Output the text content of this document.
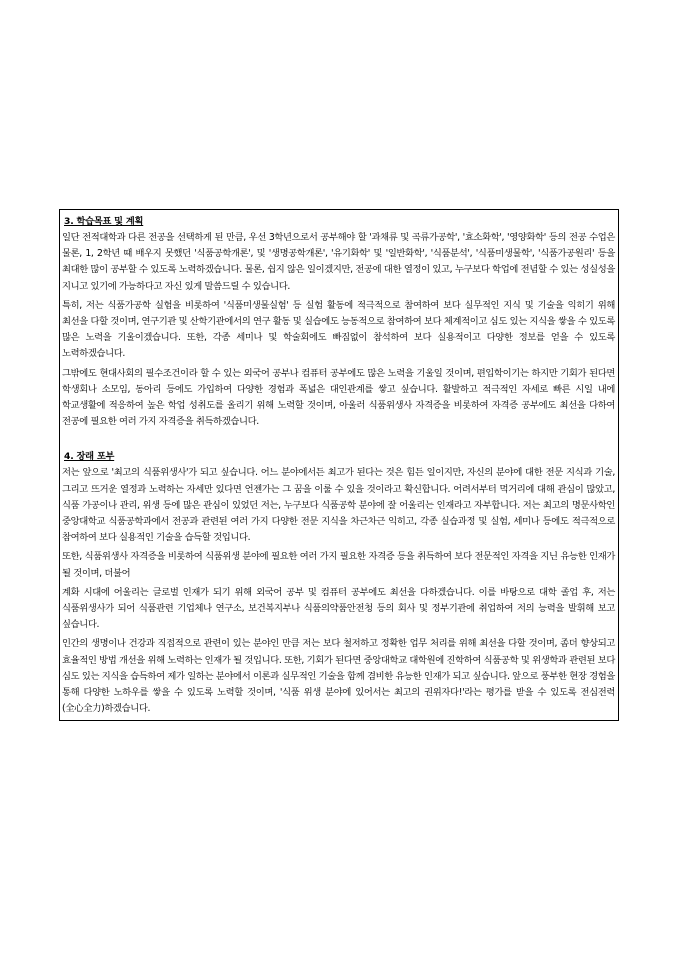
3. 학습목표 및 계획

일단 전적대학과 다른 전공을 선택하게 된 만큼, 우선 3학년으로서 공부해야 할 '과채류 및 곡류가공학', '효소화학', '영양화학' 등의 전공 수업은 물론, 1, 2학년 때 배우지 못했던 '식품공학개론', 및 '생명공학개론', '유기화학' 및 '일반화학', '식품분석', '식품미생물학', '식품가공원리' 등을 최대한 많이 공부할 수 있도록 노력하겠습니다. 물론, 쉽지 않은 일이겠지만, 전공에 대한 열정이 있고, 누구보다 학업에 전념할 수 있는 성실성을 지니고 있기에 가능하다고 자신 있게 말씀드릴 수 있습니다.

특히, 저는 식품가공학 실험을 비롯하여 '식품미생물실험' 등 실험 활동에 적극적으로 참여하여 보다 실무적인 지식 및 기술을 익히기 위해 최선을 다할 것이며, 연구기관 및 산학기관에서의 연구 활동 및 실습에도 능동적으로 참여하여 보다 체계적이고 심도 있는 지식을 쌓을 수 있도록 많은 노력을 기울이겠습니다. 또한, 각종 세미나 및 학술회에도 빠짐없이 참석하여 보다 실용적이고 다양한 정보를 얻을 수 있도록 노력하겠습니다.

그밖에도 현대사회의 필수조건이라 할 수 있는 외국어 공부나 컴퓨터 공부에도 많은 노력을 기울일 것이며, 편입학이기는 하지만 기회가 된다면 학생회나 소모임, 동아리 등에도 가입하여 다양한 경험과 폭넓은 대인관계를 쌓고 싶습니다. 활발하고 적극적인 자세로 빠른 시일 내에 학교생활에 적응하여 높은 학업 성취도를 올리기 위해 노력할 것이며, 아울러 식품위생사 자격증을 비롯하여 자격증 공부에도 최선을 다하여 전공에 필요한 여러 가지 자격증을 취득하겠습니다.

4. 장래 포부

저는 앞으로 '최고의 식품위생사'가 되고 싶습니다. 어느 분야에서든 최고가 된다는 것은 힘든 일이지만, 자신의 분야에 대한 전문 지식과 기술, 그리고 뜨거운 열정과 노력하는 자세만 있다면 언젠가는 그 꿈을 이룰 수 있을 것이라고 확신합니다. 어려서부터 먹거리에 대해 관심이 많았고, 식품 가공이나 관리, 위생 등에 많은 관심이 있었던 저는, 누구보다 식품공학 분야에 잘 어울리는 인재라고 자부합니다. 저는 최고의 명문사학인 중앙대학교 식품공학과에서 전공과 관련된 여러 가지 다양한 전문 지식을 차근차근 익히고, 각종 실습과정 및 실험, 세미나 등에도 적극적으로 참여하여 보다 실용적인 기술을 습득할 것입니다.

또한, 식품위생사 자격증을 비롯하여 식품위생 분야에 필요한 여러 가지 필요한 자격증 등을 취득하여 보다 전문적인 자격을 지닌 유능한 인재가 될 것이며, 더불어

계화 시대에 어울리는 글로벌 인재가 되기 위해 외국어 공부 및 컴퓨터 공부에도 최선을 다하겠습니다. 이를 바탕으로 대학 졸업 후, 저는 식품위생사가 되어 식품관련 기업체나 연구소, 보건복지부나 식품의약품안전청 등의 회사 및 정부기관에 취업하여 저의 능력을 발휘해 보고 싶습니다.

인간의 생명이나 건강과 직접적으로 관련이 있는 분야인 만큼 저는 보다 철저하고 정확한 업무 처리를 위해 최선을 다할 것이며, 좀더 향상되고 효율적인 방법 개선을 위해 노력하는 인재가 될 것입니다. 또한, 기회가 된다면 중앙대학교 대학원에 진학하여 식품공학 및 위생학과 관련된 보다 심도 있는 지식을 습득하여 제가 일하는 분야에서 이론과 실무적인 기술을 함께 겸비한 유능한 인재가 되고 싶습니다. 앞으로 풍부한 현장 경험을 통해 다양한 노하우를 쌓을 수 있도록 노력할 것이며, '식품 위생 분야에 있어서는 최고의 권위자다!'라는 평가를 받을 수 있도록 전심전력(全心全力)하겠습니다.
